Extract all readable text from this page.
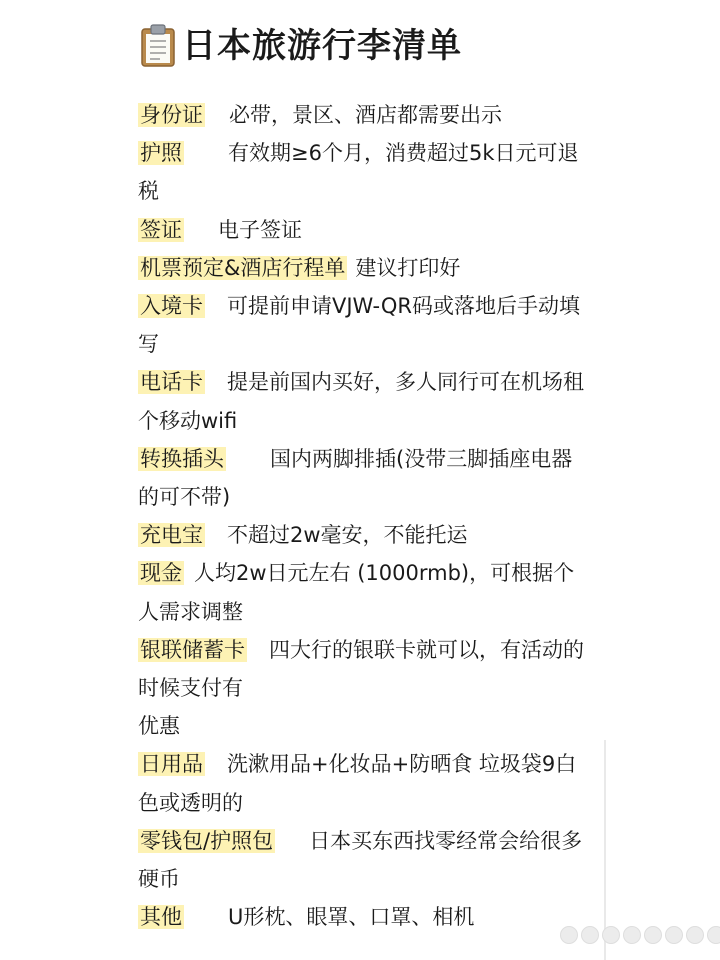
日本旅游行李清单
身份证 必带，景区、酒店都需要出示
护照 有效期≥6个月，消费超过5k日元可退税
签证 电子签证
机票预定&酒店行程单 建议打印好
入境卡 可提前申请VJW-QR码或落地后手动填写
电话卡 提是前国内买好，多人同行可在机场租个移动wifi
转换插头 国内两脚排插(没带三脚插座电器的可不带)
充电宝 不超过2w毫安，不能托运
现金 人均2w日元左右 (1000rmb)，可根据个人需求调整
银联储蓄卡 四大行的银联卡就可以，有活动的时候支付有
优惠
日用品 洗漱用品+化妆品+防晒食 垃圾袋9白色或透明的
零钱包/护照包 日本买东西找零经常会给很多硬币
其他 U形枕、眼罩、口罩、相机
